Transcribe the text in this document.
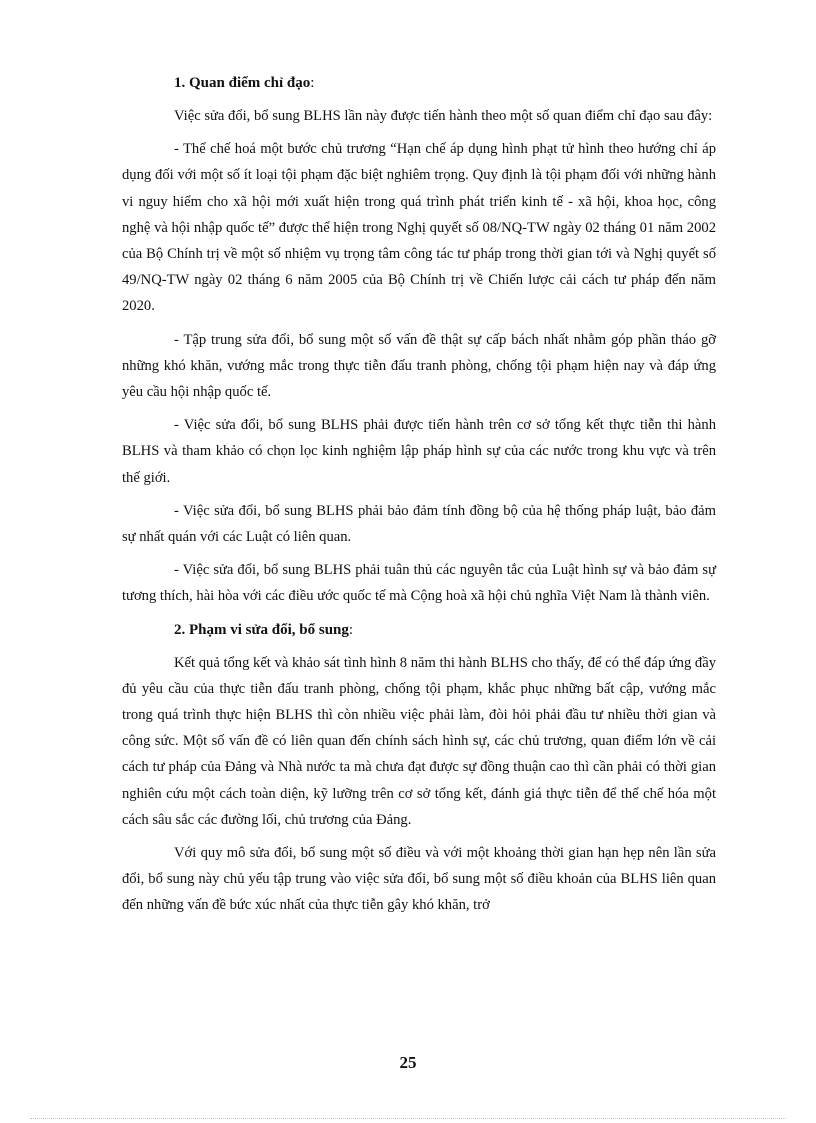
1. Quan điểm chỉ đạo:

Việc sửa đổi, bổ sung BLHS lần này được tiến hành theo một số quan điểm chỉ đạo sau đây:

- Thể chế hoá một bước chủ trương “Hạn chế áp dụng hình phạt tử hình theo hướng chỉ áp dụng đối với một số ít loại tội phạm đặc biệt nghiêm trọng. Quy định là tội phạm đối với những hành vi nguy hiểm cho xã hội mới xuất hiện trong quá trình phát triển kinh tế - xã hội, khoa học, công nghệ và hội nhập quốc tế” được thể hiện trong Nghị quyết số 08/NQ-TW ngày 02 tháng 01 năm 2002 của Bộ Chính trị về một số nhiệm vụ trọng tâm công tác tư pháp trong thời gian tới và Nghị quyết số 49/NQ-TW ngày 02 tháng 6 năm 2005 của Bộ Chính trị về Chiến lược cải cách tư pháp đến năm 2020.

- Tập trung sửa đổi, bổ sung một số vấn đề thật sự cấp bách nhất nhằm góp phần tháo gỡ những khó khăn, vướng mắc trong thực tiễn đấu tranh phòng, chống tội phạm hiện nay và đáp ứng yêu cầu hội nhập quốc tế.

- Việc sửa đổi, bổ sung BLHS phải được tiến hành trên cơ sở tổng kết thực tiễn thi hành BLHS và tham khảo có chọn lọc kinh nghiệm lập pháp hình sự của các nước trong khu vực và trên thế giới.

- Việc sửa đổi, bổ sung BLHS phải bảo đảm tính đồng bộ của hệ thống pháp luật, bảo đảm sự nhất quán với các Luật có liên quan.

- Việc sửa đổi, bổ sung BLHS phải tuân thủ các nguyên tắc của Luật hình sự và bảo đảm sự tương thích, hài hòa với các điều ước quốc tế mà Cộng hoà xã hội chủ nghĩa Việt Nam là thành viên.

2. Phạm vi sửa đổi, bổ sung:

Kết quả tổng kết và khảo sát tình hình 8 năm thi hành BLHS cho thấy, để có thể đáp ứng đầy đủ yêu cầu của thực tiễn đấu tranh phòng, chống tội phạm, khắc phục những bất cập, vướng mắc trong quá trình thực hiện BLHS thì còn nhiều việc phải làm, đòi hỏi phải đầu tư nhiều thời gian và công sức. Một số vấn đề có liên quan đến chính sách hình sự, các chủ trương, quan điểm lớn về cải cách tư pháp của Đảng và Nhà nước ta mà chưa đạt được sự đồng thuận cao thì cần phải có thời gian nghiên cứu một cách toàn diện, kỹ lưỡng trên cơ sở tổng kết, đánh giá thực tiễn để thể chế hóa một cách sâu sắc các đường lối, chủ trương của Đảng.

Với quy mô sửa đổi, bổ sung một số điều và với một khoảng thời gian hạn hẹp nên lần sửa đổi, bổ sung này chủ yếu tập trung vào việc sửa đổi, bổ sung một số điều khoản của BLHS liên quan đến những vấn đề bức xúc nhất của thực tiễn gây khó khăn, trở

25
